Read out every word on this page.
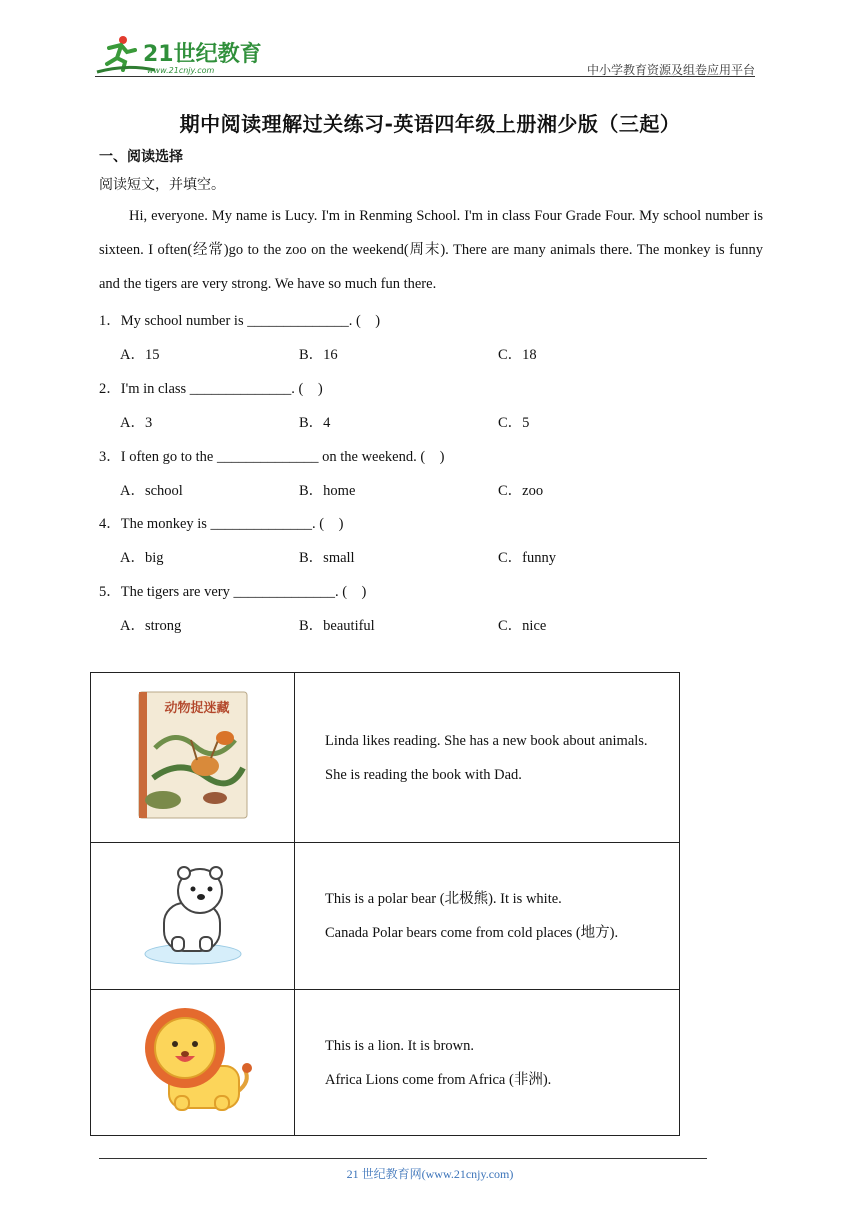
21世纪教育
www.21cnjy.com	中小学教育资源及组卷应用平台
期中阅读理解过关练习-英语四年级上册湘少版（三起）
一、阅读选择
阅读短文，并填空。
Hi, everyone. My name is Lucy. I'm in Renming School. I'm in class Four Grade Four. My school number is sixteen. I often(经常)go to the zoo on the weekend(周末). There are many animals there. The monkey is funny and the tigers are very strong. We have so much fun there.
1．My school number is ______________. (    )
A．15	B．16	C．18
2．I'm in class ______________. (    )
A．3	B．4	C．5
3．I often go to the ______________ on the weekend. (    )
A．school	B．home	C．zoo
4．The monkey is ______________. (    )
A．big	B．small	C．funny
5．The tigers are very ______________. (    )
A．strong	B．beautiful	C．nice
动物捉迷藏	Linda likes reading. She has a new book about animals.
She is reading the book with Dad.

This is a polar bear (北极熊). It is white.
Canada Polar bears come from cold places (地方).

This is a lion. It is brown.
Africa Lions come from Africa (非洲).
21 世纪教育网(www.21cnjy.com)
